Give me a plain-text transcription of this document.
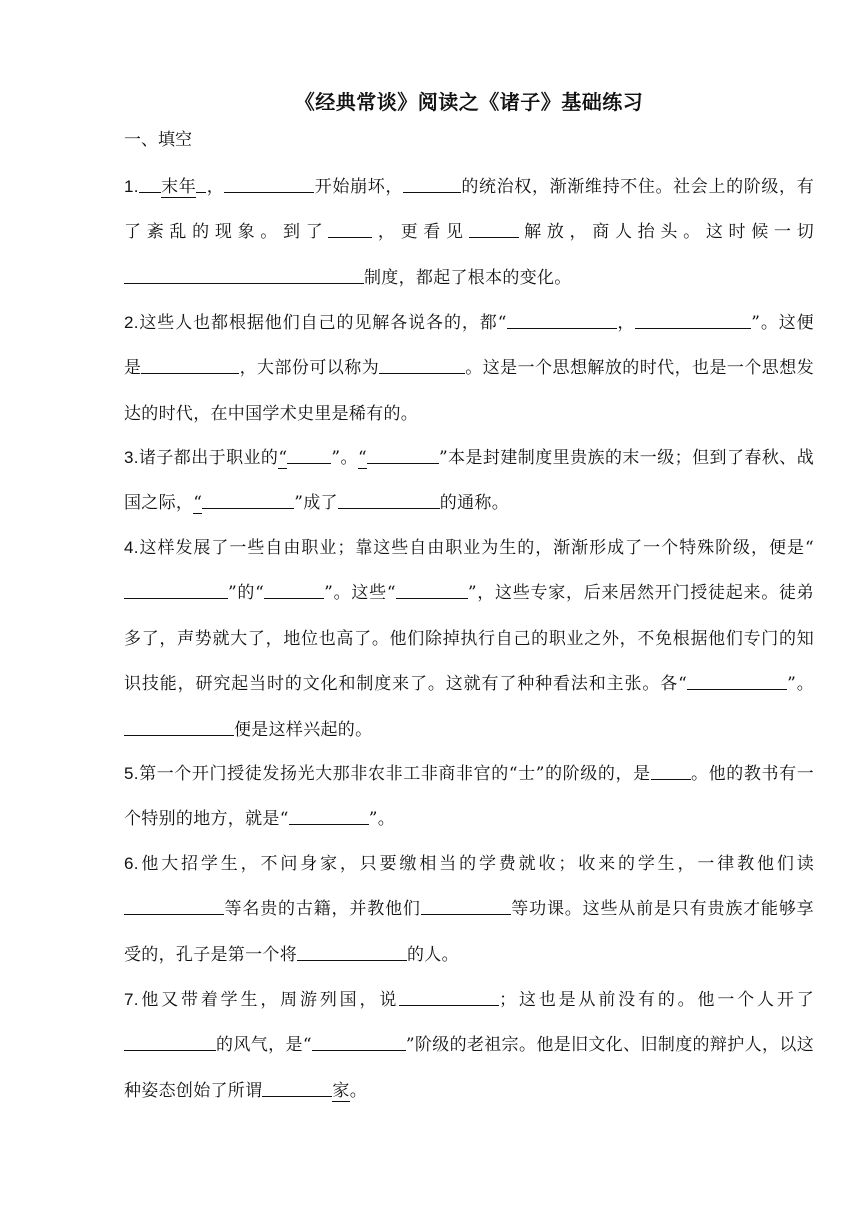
《经典常谈》阅读之《诸子》基础练习
一、填空
1. 末年 ，	开始崩坏，	的统治权，渐渐维持不住。社会上的阶级，有了紊乱的现象。到了	，更看见	解放，商人抬头。这时候一切制度，都起了根本的变化。
2.这些人也都根据他们自己的见解各说各的，都“	，	”。这便是	，大部份可以称为	。这是一个思想解放的时代，也是一个思想发达的时代，在中国学术史里是稀有的。
3.诸子都出于职业的“	”。“	”本是封建制度里贵族的末一级；但到了春秋、战国之际，“	”成了	的通称。
4.这样发展了一些自由职业；靠这些自由职业为生的，渐渐形成了一个特殊阶级，便是“”的“	”。这些“	”，这些专家，后来居然开门授徒起来。徒弟多了，声势就大了，地位也高了。他们除掉执行自己的职业之外，不免根据他们专门的知识技能，研究起当时的文化和制度来了。这就有了种种看法和主张。各“	”。便是这样兴起的。
5.第一个开门授徒发扬光大那非农非工非商非官的“士”的阶级的，是 。他的教书有一个特别的地方，就是“	”。
6.他大招学生，不问身家，只要缴相当的学费就收；收来的学生，一律教他们读等名贵的古籍，并教他们	等功课。这些从前是只有贵族才能够享受的，孔子是第一个将	的人。
7.他又带着学生，周游列国，说	；这也是从前没有的。他一个人开了的风气，是“	”阶级的老祖宗。他是旧文化、旧制度的辩护人，以这种姿态创始了所谓	家。
